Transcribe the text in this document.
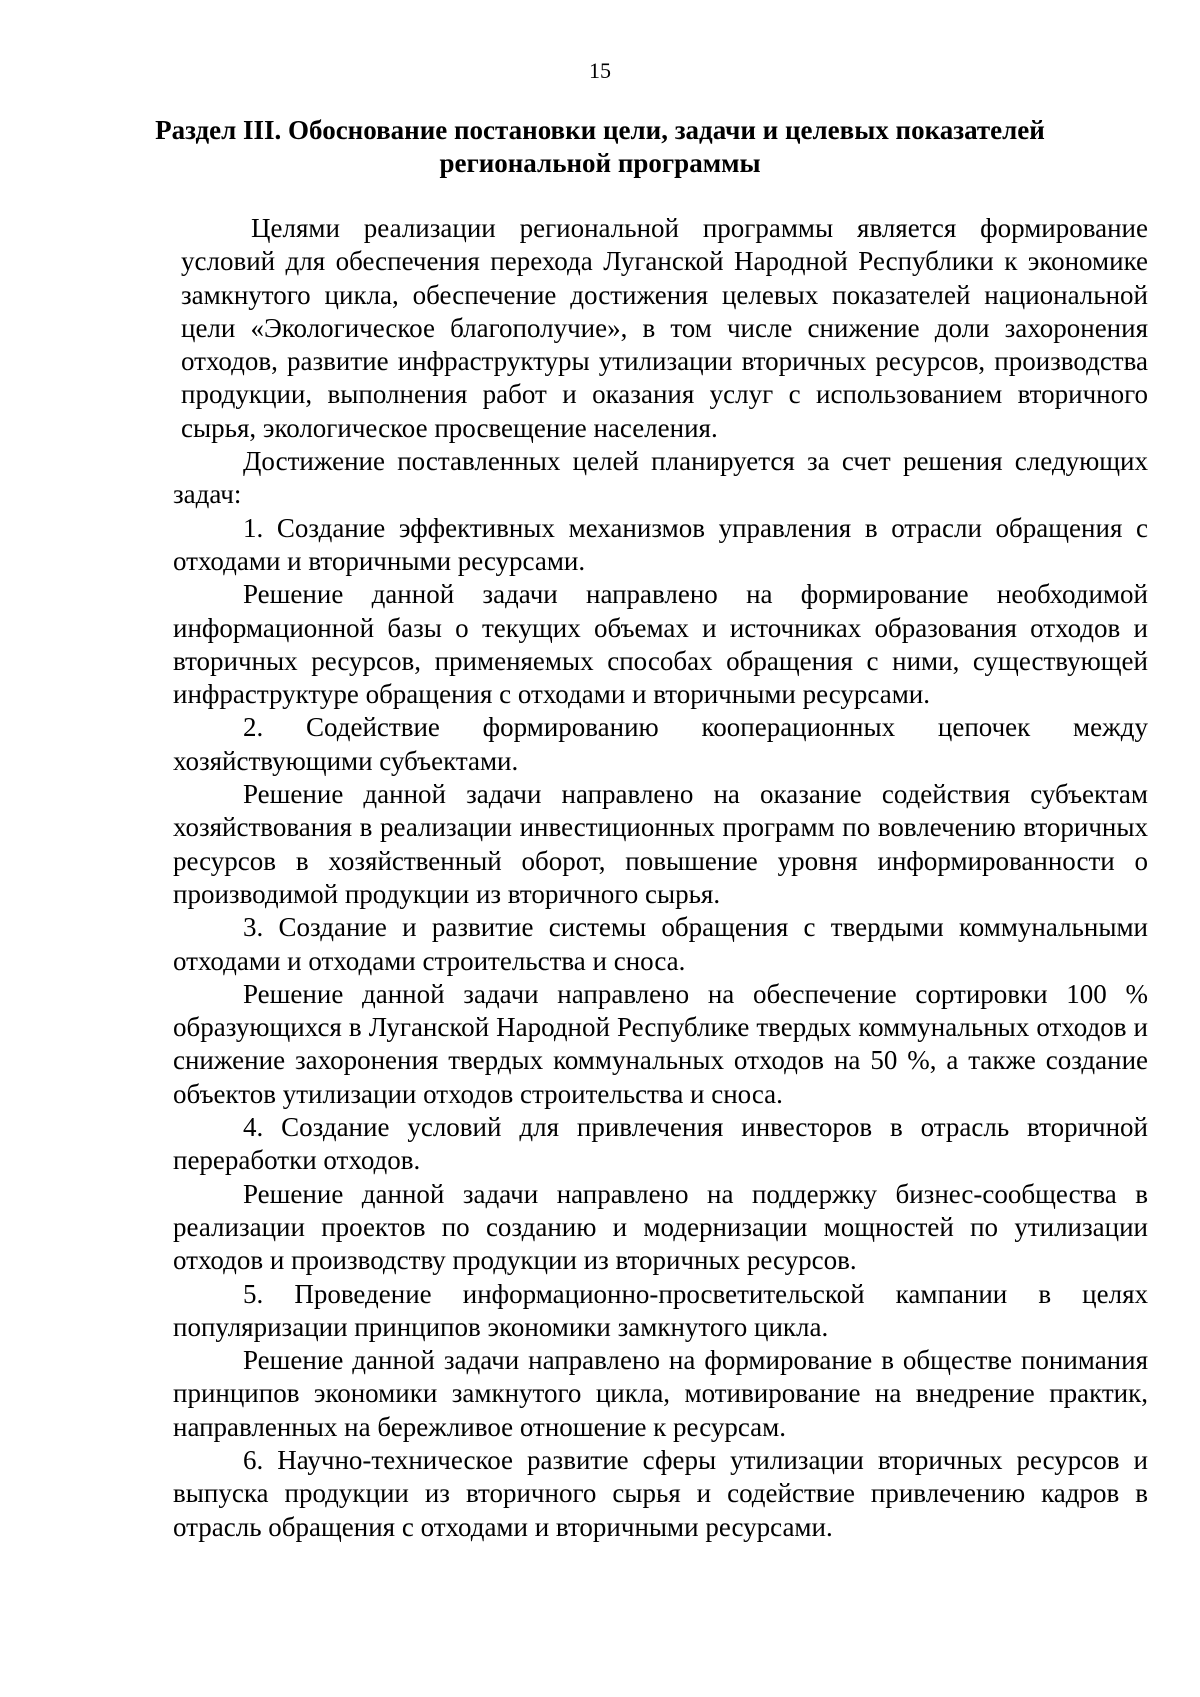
15
Раздел III. Обоснование постановки цели, задачи и целевых показателей
региональной программы

Целями реализации региональной программы является формирование условий для обеспечения перехода Луганской Народной Республики к экономике замкнутого цикла, обеспечение достижения целевых показателей национальной цели «Экологическое благополучие», в том числе снижение доли захоронения отходов, развитие инфраструктуры утилизации вторичных ресурсов, производства продукции, выполнения работ и оказания услуг с использованием вторичного сырья, экологическое просвещение населения.

Достижение поставленных целей планируется за счет решения следующих задач:

1. Создание эффективных механизмов управления в отрасли обращения с отходами и вторичными ресурсами.

Решение данной задачи направлено на формирование необходимой информационной базы о текущих объемах и источниках образования отходов и вторичных ресурсов, применяемых способах обращения с ними, существующей инфраструктуре обращения с отходами и вторичными ресурсами.

2. Содействие формированию кооперационных цепочек между хозяйствующими субъектами.

Решение данной задачи направлено на оказание содействия субъектам хозяйствования в реализации инвестиционных программ по вовлечению вторичных ресурсов в хозяйственный оборот, повышение уровня информированности о производимой продукции из вторичного сырья.

3. Создание и развитие системы обращения с твердыми коммунальными отходами и отходами строительства и сноса.

Решение данной задачи направлено на обеспечение сортировки 100 % образующихся в Луганской Народной Республике твердых коммунальных отходов и снижение захоронения твердых коммунальных отходов на 50 %, а также создание объектов утилизации отходов строительства и сноса.

4. Создание условий для привлечения инвесторов в отрасль вторичной переработки отходов.

Решение данной задачи направлено на поддержку бизнес-сообщества в реализации проектов по созданию и модернизации мощностей по утилизации отходов и производству продукции из вторичных ресурсов.

5. Проведение информационно-просветительской кампании в целях популяризации принципов экономики замкнутого цикла.

Решение данной задачи направлено на формирование в обществе понимания принципов экономики замкнутого цикла, мотивирование на внедрение практик, направленных на бережливое отношение к ресурсам.

6. Научно-техническое развитие сферы утилизации вторичных ресурсов и выпуска продукции из вторичного сырья и содействие привлечению кадров в отрасль обращения с отходами и вторичными ресурсами.
